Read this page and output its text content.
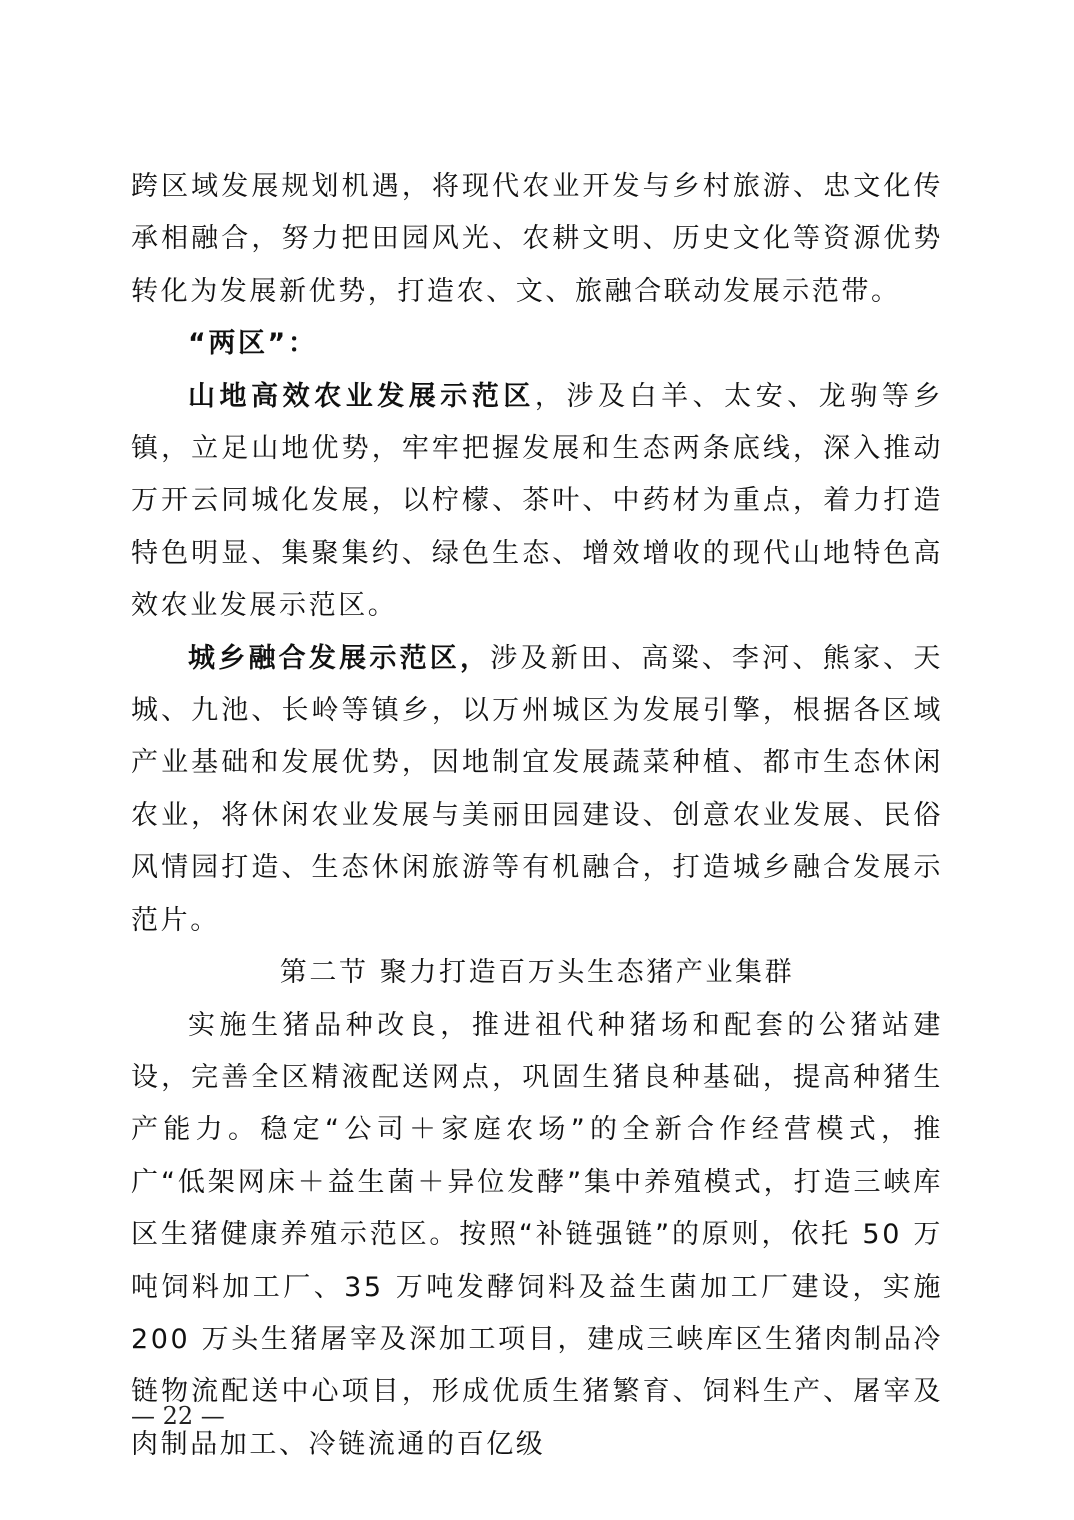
跨区域发展规划机遇，将现代农业开发与乡村旅游、忠文化传承相融合，努力把田园风光、农耕文明、历史文化等资源优势转化为发展新优势，打造农、文、旅融合联动发展示范带。

“两区”：

山地高效农业发展示范区，涉及白羊、太安、龙驹等乡镇，立足山地优势，牢牢把握发展和生态两条底线，深入推动万开云同城化发展，以柠檬、茶叶、中药材为重点，着力打造特色明显、集聚集约、绿色生态、增效增收的现代山地特色高效农业发展示范区。

城乡融合发展示范区，涉及新田、高粱、李河、熊家、天城、九池、长岭等镇乡，以万州城区为发展引擎，根据各区域产业基础和发展优势，因地制宜发展蔬菜种植、都市生态休闲农业，将休闲农业发展与美丽田园建设、创意农业发展、民俗风情园打造、生态休闲旅游等有机融合，打造城乡融合发展示范片。

第二节 聚力打造百万头生态猪产业集群

实施生猪品种改良，推进祖代种猪场和配套的公猪站建设，完善全区精液配送网点，巩固生猪良种基础，提高种猪生产能力。稳定“公司＋家庭农场”的全新合作经营模式，推广“低架网床＋益生菌＋异位发酵”集中养殖模式，打造三峡库区生猪健康养殖示范区。按照“补链强链”的原则，依托 50 万吨饲料加工厂、35 万吨发酵饲料及益生菌加工厂建设，实施 200 万头生猪屠宰及深加工项目，建成三峡库区生猪肉制品冷链物流配送中心项目，形成优质生猪繁育、饲料生产、屠宰及肉制品加工、冷链流通的百亿级

— 22 —
